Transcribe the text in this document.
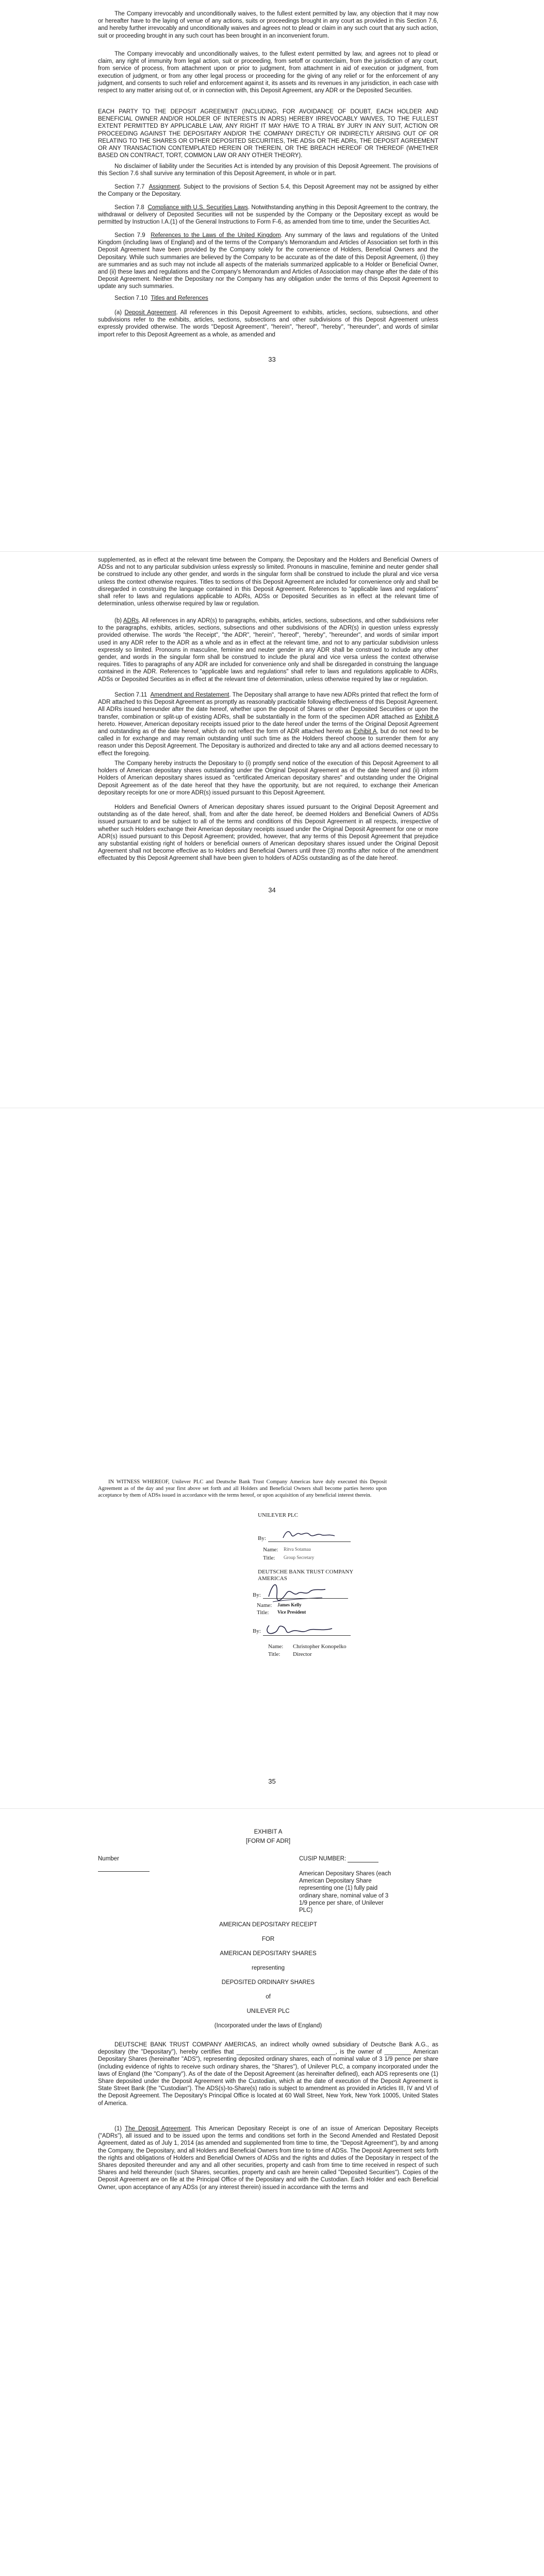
The Company irrevocably and unconditionally waives, to the fullest extent permitted by law, any objection that it may now or hereafter have to the laying of venue of any actions, suits or proceedings brought in any court as provided in this Section 7.6, and hereby further irrevocably and unconditionally waives and agrees not to plead or claim in any such court that any such action, suit or proceeding brought in any such court has been brought in an inconvenient forum.

The Company irrevocably and unconditionally waives, to the fullest extent permitted by law, and agrees not to plead or claim, any right of immunity from legal action, suit or proceeding, from setoff or counterclaim, from the jurisdiction of any court, from service of process, from attachment upon or prior to judgment, from attachment in aid of execution or judgment, from execution of judgment, or from any other legal process or proceeding for the giving of any relief or for the enforcement of any judgment, and consents to such relief and enforcement against it, its assets and its revenues in any jurisdiction, in each case with respect to any matter arising out of, or in connection with, this Deposit Agreement, any ADR or the Deposited Securities.

EACH PARTY TO THE DEPOSIT AGREEMENT (INCLUDING, FOR AVOIDANCE OF DOUBT, EACH HOLDER AND BENEFICIAL OWNER AND/OR HOLDER OF INTERESTS IN ADRS) HEREBY IRREVOCABLY WAIVES, TO THE FULLEST EXTENT PERMITTED BY APPLICABLE LAW, ANY RIGHT IT MAY HAVE TO A TRIAL BY JURY IN ANY SUIT, ACTION OR PROCEEDING AGAINST THE DEPOSITARY AND/OR THE COMPANY DIRECTLY OR INDIRECTLY ARISING OUT OF OR RELATING TO THE SHARES OR OTHER DEPOSITED SECURITIES, THE ADSs OR THE ADRs, THE DEPOSIT AGREEMENT OR ANY TRANSACTION CONTEMPLATED HEREIN OR THEREIN, OR THE BREACH HEREOF OR THEREOF (WHETHER BASED ON CONTRACT, TORT, COMMON LAW OR ANY OTHER THEORY).

No disclaimer of liability under the Securities Act is intended by any provision of this Deposit Agreement. The provisions of this Section 7.6 shall survive any termination of this Deposit Agreement, in whole or in part.

Section 7.7 Assignment. Subject to the provisions of Section 5.4, this Deposit Agreement may not be assigned by either the Company or the Depositary.

Section 7.8 Compliance with U.S. Securities Laws. Notwithstanding anything in this Deposit Agreement to the contrary, the withdrawal or delivery of Deposited Securities will not be suspended by the Company or the Depositary except as would be permitted by Instruction I.A.(1) of the General Instructions to Form F-6, as amended from time to time, under the Securities Act.

Section 7.9 References to the Laws of the United Kingdom. Any summary of the laws and regulations of the United Kingdom (including laws of England) and of the terms of the Company's Memorandum and Articles of Association set forth in this Deposit Agreement have been provided by the Company solely for the convenience of Holders, Beneficial Owners and the Depositary. While such summaries are believed by the Company to be accurate as of the date of this Deposit Agreement, (i) they are summaries and as such may not include all aspects of the materials summarized applicable to a Holder or Beneficial Owner, and (ii) these laws and regulations and the Company's Memorandum and Articles of Association may change after the date of this Deposit Agreement. Neither the Depositary nor the Company has any obligation under the terms of this Deposit Agreement to update any such summaries.

Section 7.10 Titles and References

(a) Deposit Agreement. All references in this Deposit Agreement to exhibits, articles, sections, subsections, and other subdivisions refer to the exhibits, articles, sections, subsections and other subdivisions of this Deposit Agreement unless expressly provided otherwise. The words "Deposit Agreement", "herein", "hereof", "hereby", "hereunder", and words of similar import refer to this Deposit Agreement as a whole, as amended and

33

supplemented, as in effect at the relevant time between the Company, the Depositary and the Holders and Beneficial Owners of ADSs and not to any particular subdivision unless expressly so limited. Pronouns in masculine, feminine and neuter gender shall be construed to include any other gender, and words in the singular form shall be construed to include the plural and vice versa unless the context otherwise requires. Titles to sections of this Deposit Agreement are included for convenience only and shall be disregarded in construing the language contained in this Deposit Agreement. References to "applicable laws and regulations" shall refer to laws and regulations applicable to ADRs, ADSs or Deposited Securities as in effect at the relevant time of determination, unless otherwise required by law or regulation.

(b) ADRs. All references in any ADR(s) to paragraphs, exhibits, articles, sections, subsections, and other subdivisions refer to the paragraphs, exhibits, articles, sections, subsections and other subdivisions of the ADR(s) in question unless expressly provided otherwise. The words "the Receipt", "the ADR", "herein", "hereof", "hereby", "hereunder", and words of similar import used in any ADR refer to the ADR as a whole and as in effect at the relevant time, and not to any particular subdivision unless expressly so limited. Pronouns in masculine, feminine and neuter gender in any ADR shall be construed to include any other gender, and words in the singular form shall be construed to include the plural and vice versa unless the context otherwise requires. Titles to paragraphs of any ADR are included for convenience only and shall be disregarded in construing the language contained in the ADR. References to "applicable laws and regulations" shall refer to laws and regulations applicable to ADRs, ADSs or Deposited Securities as in effect at the relevant time of determination, unless otherwise required by law or regulation.

Section 7.11 Amendment and Restatement. The Depositary shall arrange to have new ADRs printed that reflect the form of ADR attached to this Deposit Agreement as promptly as reasonably practicable following effectiveness of this Deposit Agreement. All ADRs issued hereunder after the date hereof, whether upon the deposit of Shares or other Deposited Securities or upon the transfer, combination or split-up of existing ADRs, shall be substantially in the form of the specimen ADR attached as Exhibit A hereto. However, American depositary receipts issued prior to the date hereof under the terms of the Original Deposit Agreement and outstanding as of the date hereof, which do not reflect the form of ADR attached hereto as Exhibit A, but do not need to be called in for exchange and may remain outstanding until such time as the Holders thereof choose to surrender them for any reason under this Deposit Agreement. The Depositary is authorized and directed to take any and all actions deemed necessary to effect the foregoing.

The Company hereby instructs the Depositary to (i) promptly send notice of the execution of this Deposit Agreement to all holders of American depositary shares outstanding under the Original Deposit Agreement as of the date hereof and (ii) inform Holders of American depositary shares issued as "certificated American depositary shares" and outstanding under the Original Deposit Agreement as of the date hereof that they have the opportunity, but are not required, to exchange their American depositary receipts for one or more ADR(s) issued pursuant to this Deposit Agreement.

Holders and Beneficial Owners of American depositary shares issued pursuant to the Original Deposit Agreement and outstanding as of the date hereof, shall, from and after the date hereof, be deemed Holders and Beneficial Owners of ADSs issued pursuant to and be subject to all of the terms and conditions of this Deposit Agreement in all respects, irrespective of whether such Holders exchange their American depositary receipts issued under the Original Deposit Agreement for one or more ADR(s) issued pursuant to this Deposit Agreement; provided, however, that any terms of this Deposit Agreement that prejudice any substantial existing right of holders or beneficial owners of American depositary shares issued under the Original Deposit Agreement shall not become effective as to Holders and Beneficial Owners until three (3) months after notice of the amendment effectuated by this Deposit Agreement shall have been given to holders of ADSs outstanding as of the date hereof.

34

IN WITNESS WHEREOF, Unilever PLC and Deutsche Bank Trust Company Americas have duly executed this Deposit Agreement as of the day and year first above set forth and all Holders and Beneficial Owners shall become parties hereto upon acceptance by them of ADSs issued in accordance with the terms hereof, or upon acquisition of any beneficial interest therein.

UNILEVER PLC
By:
Name: Ritva Sotamaa
Title: Group Secretary
DEUTSCHE BANK TRUST COMPANY
AMERICAS
By:
Name: James Kelly
Title: Vice President
By:
Name: Christopher Konopelko
Title: Director
35
EXHIBIT A
[FORM OF ADR]
Number	CUSIP NUMBER:

American Depositary Shares (each American Depositary Share representing one (1) fully paid ordinary share, nominal value of 3 1/9 pence per share, of Unilever PLC)

AMERICAN DEPOSITARY RECEIPT
FOR
AMERICAN DEPOSITARY SHARES
representing
DEPOSITED ORDINARY SHARES
of
UNILEVER PLC
(Incorporated under the laws of England)

DEUTSCHE BANK TRUST COMPANY AMERICAS, an indirect wholly owned subsidiary of Deutsche Bank A.G., as depositary (the "Depositary"), hereby certifies that ______________________________, is the owner of ________ American Depositary Shares (hereinafter "ADS"), representing deposited ordinary shares, each of nominal value of 3 1/9 pence per share (including evidence of rights to receive such ordinary shares, the "Shares"), of Unilever PLC, a company incorporated under the laws of England (the "Company"). As of the date of the Deposit Agreement (as hereinafter defined), each ADS represents one (1) Share deposited under the Deposit Agreement with the Custodian, which at the date of execution of the Deposit Agreement is State Street Bank (the "Custodian"). The ADS(s)-to-Share(s) ratio is subject to amendment as provided in Articles III, IV and VI of the Deposit Agreement. The Depositary's Principal Office is located at 60 Wall Street, New York, New York 10005, United States of America.

(1) The Deposit Agreement. This American Depositary Receipt is one of an issue of American Depositary Receipts ("ADRs"), all issued and to be issued upon the terms and conditions set forth in the Second Amended and Restated Deposit Agreement, dated as of July 1, 2014 (as amended and supplemented from time to time, the "Deposit Agreement"), by and among the Company, the Depositary, and all Holders and Beneficial Owners from time to time of ADSs. The Deposit Agreement sets forth the rights and obligations of Holders and Beneficial Owners of ADSs and the rights and duties of the Depositary in respect of the Shares deposited thereunder and any and all other securities, property and cash from time to time received in respect of such Shares and held thereunder (such Shares, securities, property and cash are herein called "Deposited Securities"). Copies of the Deposit Agreement are on file at the Principal Office of the Depositary and with the Custodian. Each Holder and each Beneficial Owner, upon acceptance of any ADSs (or any interest therein) issued in accordance with the terms and
